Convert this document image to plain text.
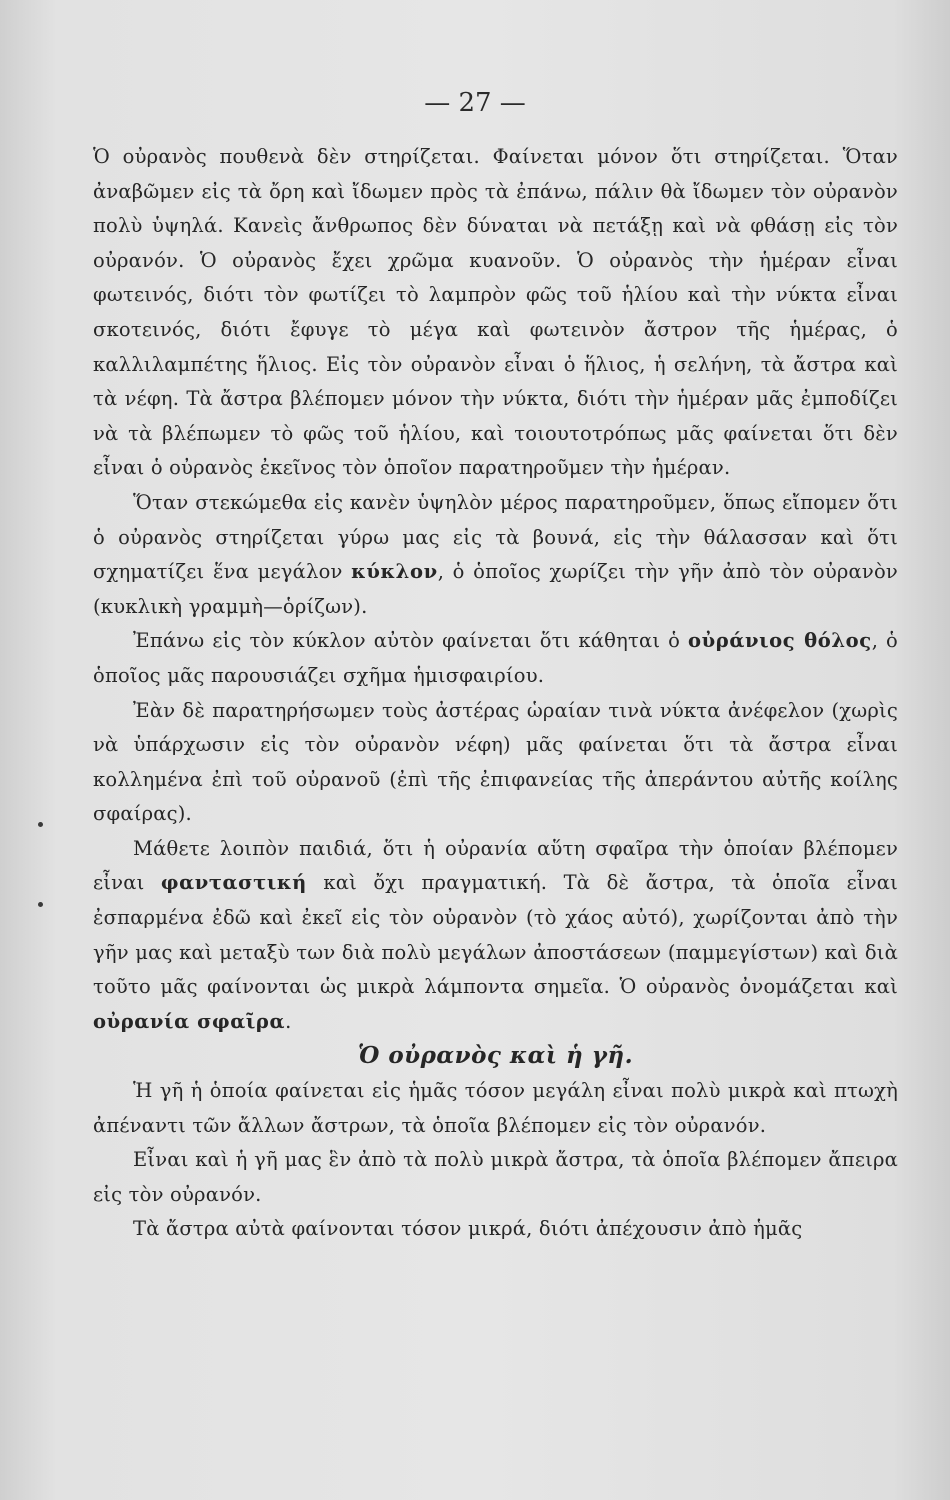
— 27 —

Ὁ οὐρανὸς πουθενὰ δὲν στηρίζεται. Φαίνεται μόνον ὅτι στηρίζεται. Ὅταν ἀναβῶμεν εἰς τὰ ὄρη καὶ ἴδωμεν πρὸς τὰ ἐπάνω, πάλιν θὰ ἴδωμεν τὸν οὐρανὸν πολὺ ὑψηλά. Κανεὶς ἄνθρωπος δὲν δύναται νὰ πετάξῃ καὶ νὰ φθάσῃ εἰς τὸν οὐρανόν. Ὁ οὐρανὸς ἔχει χρῶμα κυανοῦν. Ὁ οὐρανὸς τὴν ἡμέραν εἶναι φωτεινός, διότι τὸν φωτίζει τὸ λαμπρὸν φῶς τοῦ ἡλίου καὶ τὴν νύκτα εἶναι σκοτεινός, διότι ἔφυγε τὸ μέγα καὶ φωτεινὸν ἄστρον τῆς ἡμέρας, ὁ καλλιλαμπέτης ἥλιος. Εἰς τὸν οὐρανὸν εἶναι ὁ ἥλιος, ἡ σελήνη, τὰ ἄστρα καὶ τὰ νέφη. Τὰ ἄστρα βλέπομεν μόνον τὴν νύκτα, διότι τὴν ἡμέραν μᾶς ἐμποδίζει νὰ τὰ βλέπωμεν τὸ φῶς τοῦ ἡλίου, καὶ τοιουτοτρόπως μᾶς φαίνεται ὅτι δὲν εἶναι ὁ οὐρανὸς ἐκεῖνος τὸν ὁποῖον παρατηροῦμεν τὴν ἡμέραν.

Ὅταν στεκώμεθα εἰς κανὲν ὑψηλὸν μέρος παρατηροῦμεν, ὅπως εἴπομεν ὅτι ὁ οὐρανὸς στηρίζεται γύρω μας εἰς τὰ βουνά, εἰς τὴν θάλασσαν καὶ ὅτι σχηματίζει ἕνα μεγάλον κύκλον, ὁ ὁποῖος χωρίζει τὴν γῆν ἀπὸ τὸν οὐρανὸν (κυκλικὴ γραμμὴ—ὁρίζων).

Ἐπάνω εἰς τὸν κύκλον αὐτὸν φαίνεται ὅτι κάθηται ὁ οὐράνιος θόλος, ὁ ὁποῖος μᾶς παρουσιάζει σχῆμα ἡμισφαιρίου.

Ἐὰν δὲ παρατηρήσωμεν τοὺς ἀστέρας ὡραίαν τινὰ νύκτα ἀνέφελον (χωρὶς νὰ ὑπάρχωσιν εἰς τὸν οὐρανὸν νέφη) μᾶς φαίνεται ὅτι τὰ ἄστρα εἶναι κολλημένα ἐπὶ τοῦ οὐρανοῦ (ἐπὶ τῆς ἐπιφανείας τῆς ἀπεράντου αὐτῆς κοίλης σφαίρας).

Μάθετε λοιπὸν παιδιά, ὅτι ἡ οὐρανία αὕτη σφαῖρα τὴν ὁποίαν βλέπομεν εἶναι φανταστική καὶ ὄχι πραγματική. Τὰ δὲ ἄστρα, τὰ ὁποῖα εἶναι ἐσπαρμένα ἐδῶ καὶ ἐκεῖ εἰς τὸν οὐρανὸν (τὸ χάος αὐτό), χωρίζονται ἀπὸ τὴν γῆν μας καὶ μεταξὺ των διὰ πολὺ μεγάλων ἀποστάσεων (παμμεγίστων) καὶ διὰ τοῦτο μᾶς φαίνονται ὡς μικρὰ λάμποντα σημεῖα. Ὁ οὐρανὸς ὀνομάζεται καὶ οὐρανία σφαῖρα.

Ὁ οὐρανὸς καὶ ἡ γῆ.

Ἡ γῆ ἡ ὁποία φαίνεται εἰς ἡμᾶς τόσον μεγάλη εἶναι πολὺ μικρὰ καὶ πτωχὴ ἀπέναντι τῶν ἄλλων ἄστρων, τὰ ὁποῖα βλέπομεν εἰς τὸν οὐρανόν.

Εἶναι καὶ ἡ γῆ μας ἓν ἀπὸ τὰ πολὺ μικρὰ ἄστρα, τὰ ὁποῖα βλέπομεν ἄπειρα εἰς τὸν οὐρανόν.

Τὰ ἄστρα αὐτὰ φαίνονται τόσον μικρά, διότι ἀπέχουσιν ἀπὸ ἡμᾶς
